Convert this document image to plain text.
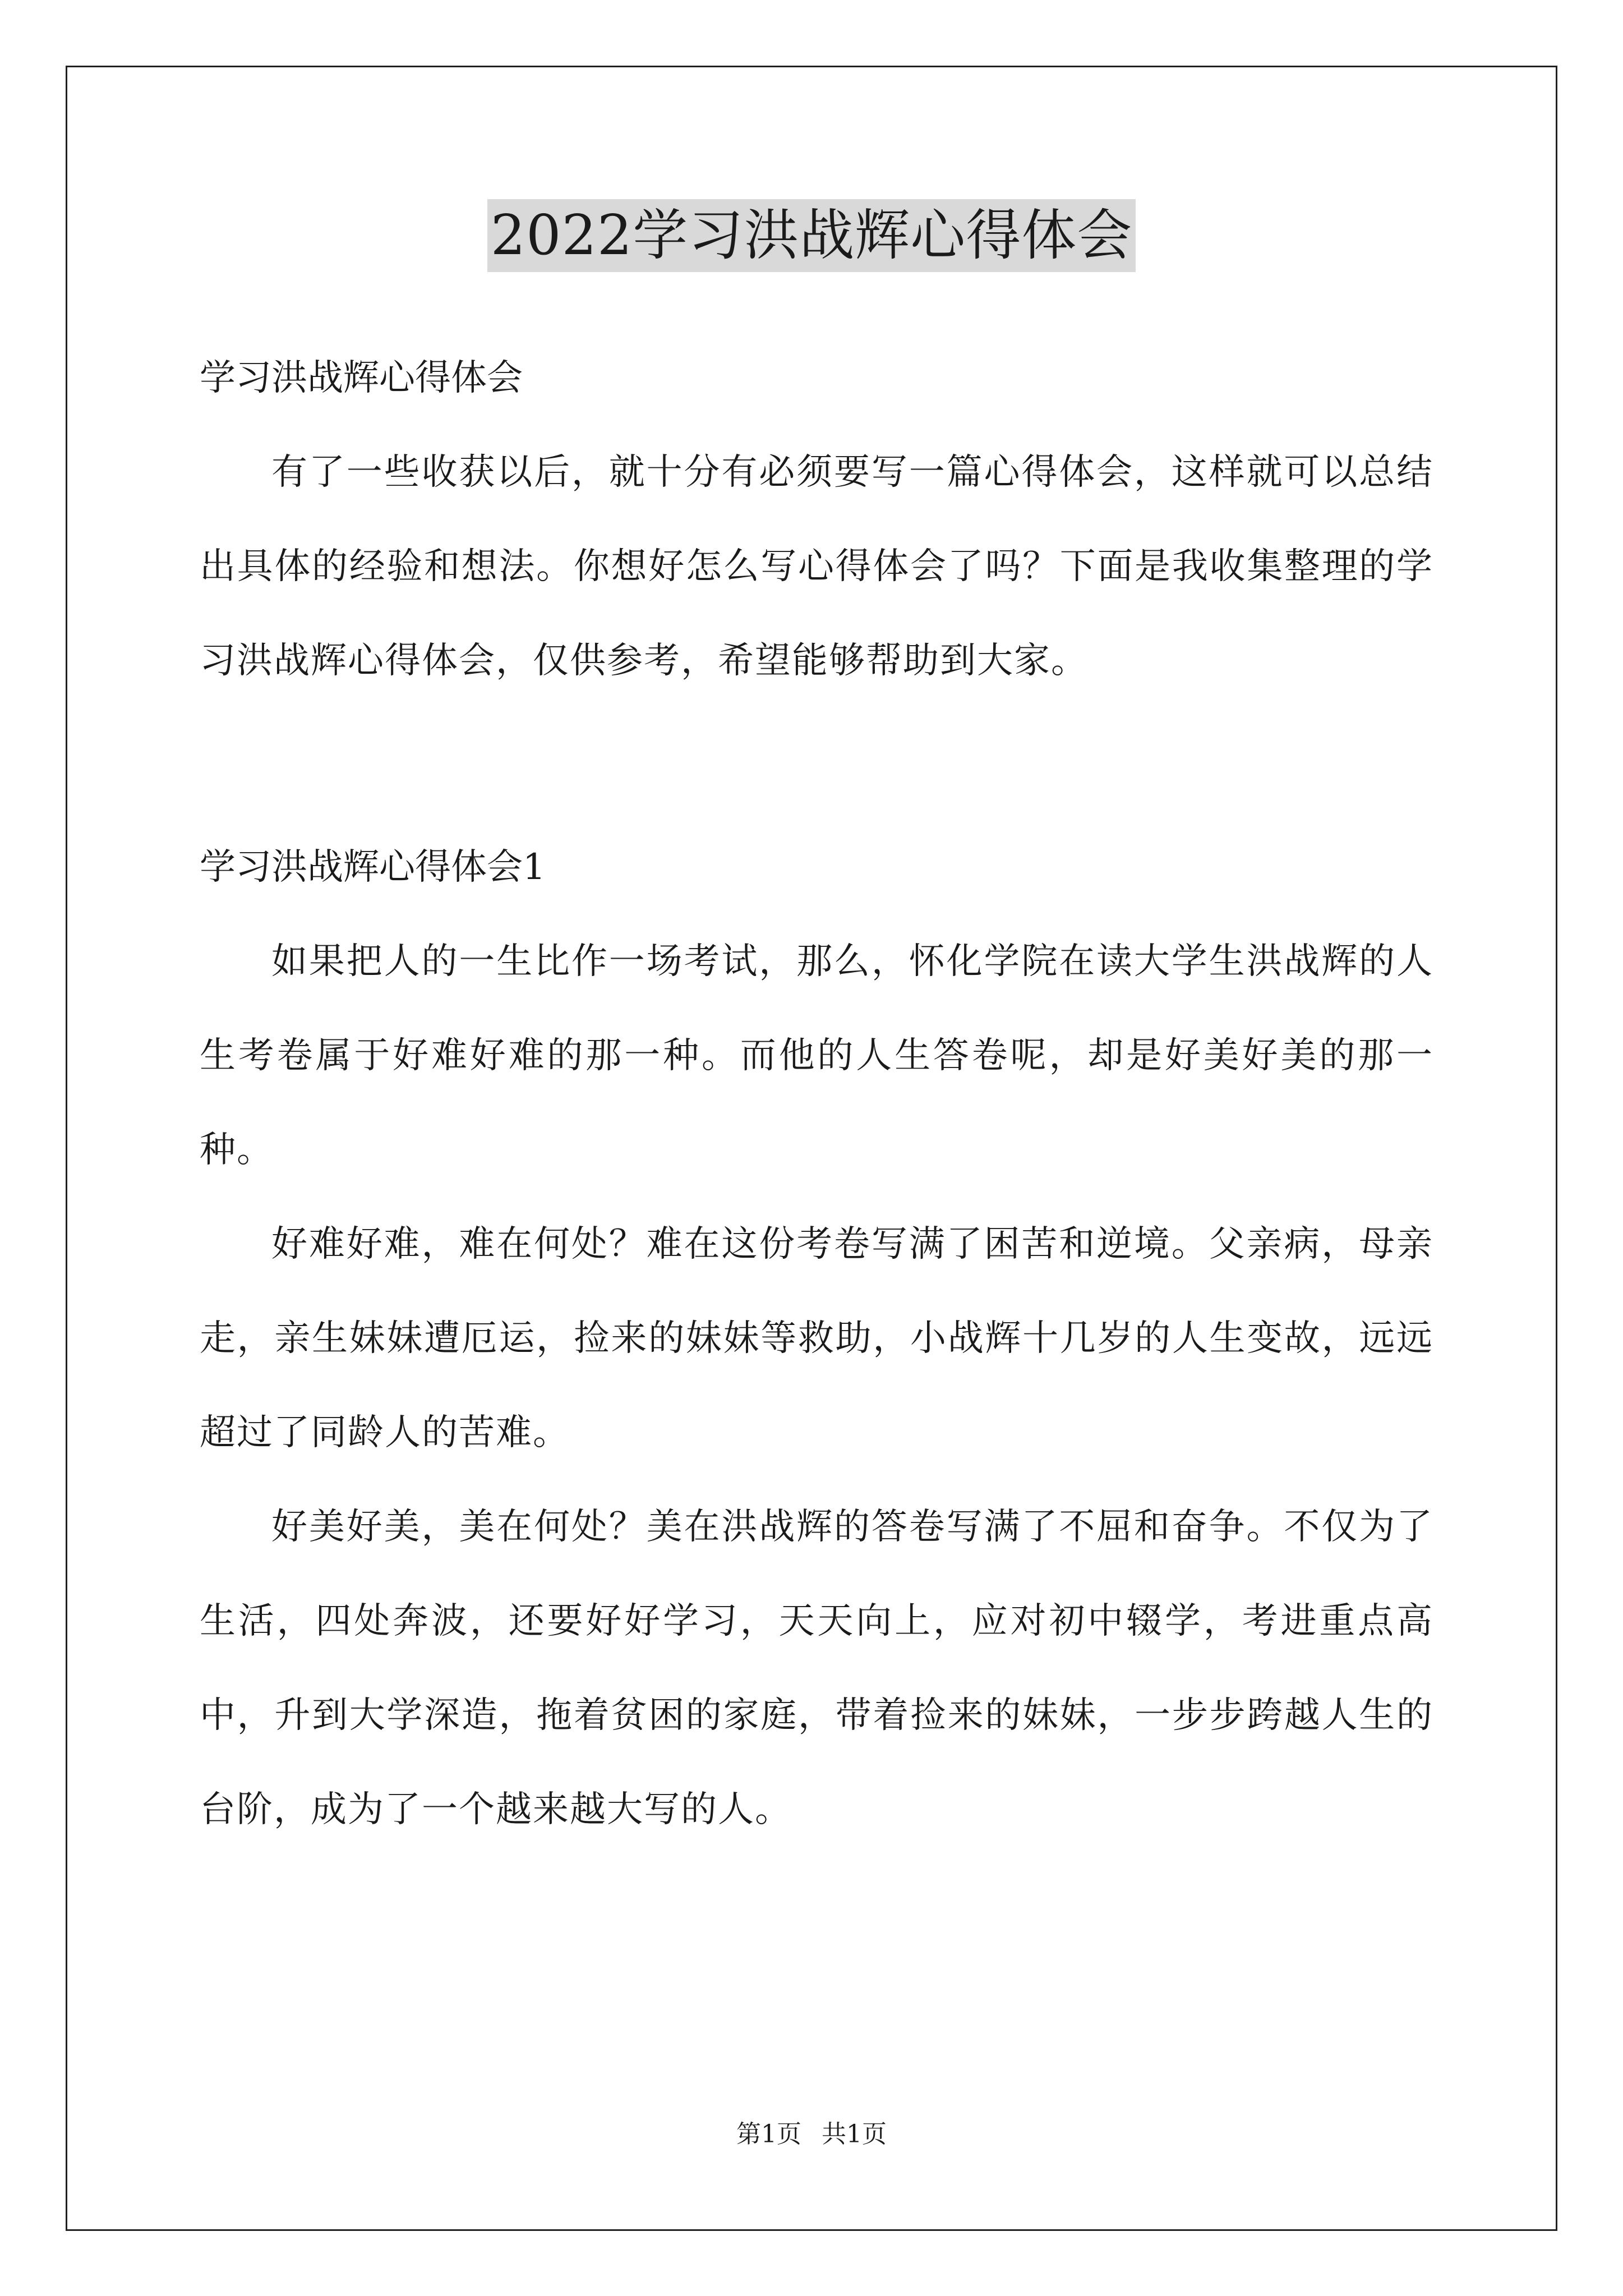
2022学习洪战辉心得体会

学习洪战辉心得体会

有了一些收获以后，就十分有必须要写一篇心得体会，这样就可以总结出具体的经验和想法。你想好怎么写心得体会了吗？下面是我收集整理的学习洪战辉心得体会，仅供参考，希望能够帮助到大家。

学习洪战辉心得体会1

如果把人的一生比作一场考试，那么，怀化学院在读大学生洪战辉的人生考卷属于好难好难的那一种。而他的人生答卷呢，却是好美好美的那一种。

好难好难，难在何处？难在这份考卷写满了困苦和逆境。父亲病，母亲走，亲生妹妹遭厄运，捡来的妹妹等救助，小战辉十几岁的人生变故，远远超过了同龄人的苦难。

好美好美，美在何处？美在洪战辉的答卷写满了不屈和奋争。不仅为了生活，四处奔波，还要好好学习，天天向上，应对初中辍学，考进重点高中，升到大学深造，拖着贫困的家庭，带着捡来的妹妹，一步步跨越人生的台阶，成为了一个越来越大写的人。

第1页 共1页
